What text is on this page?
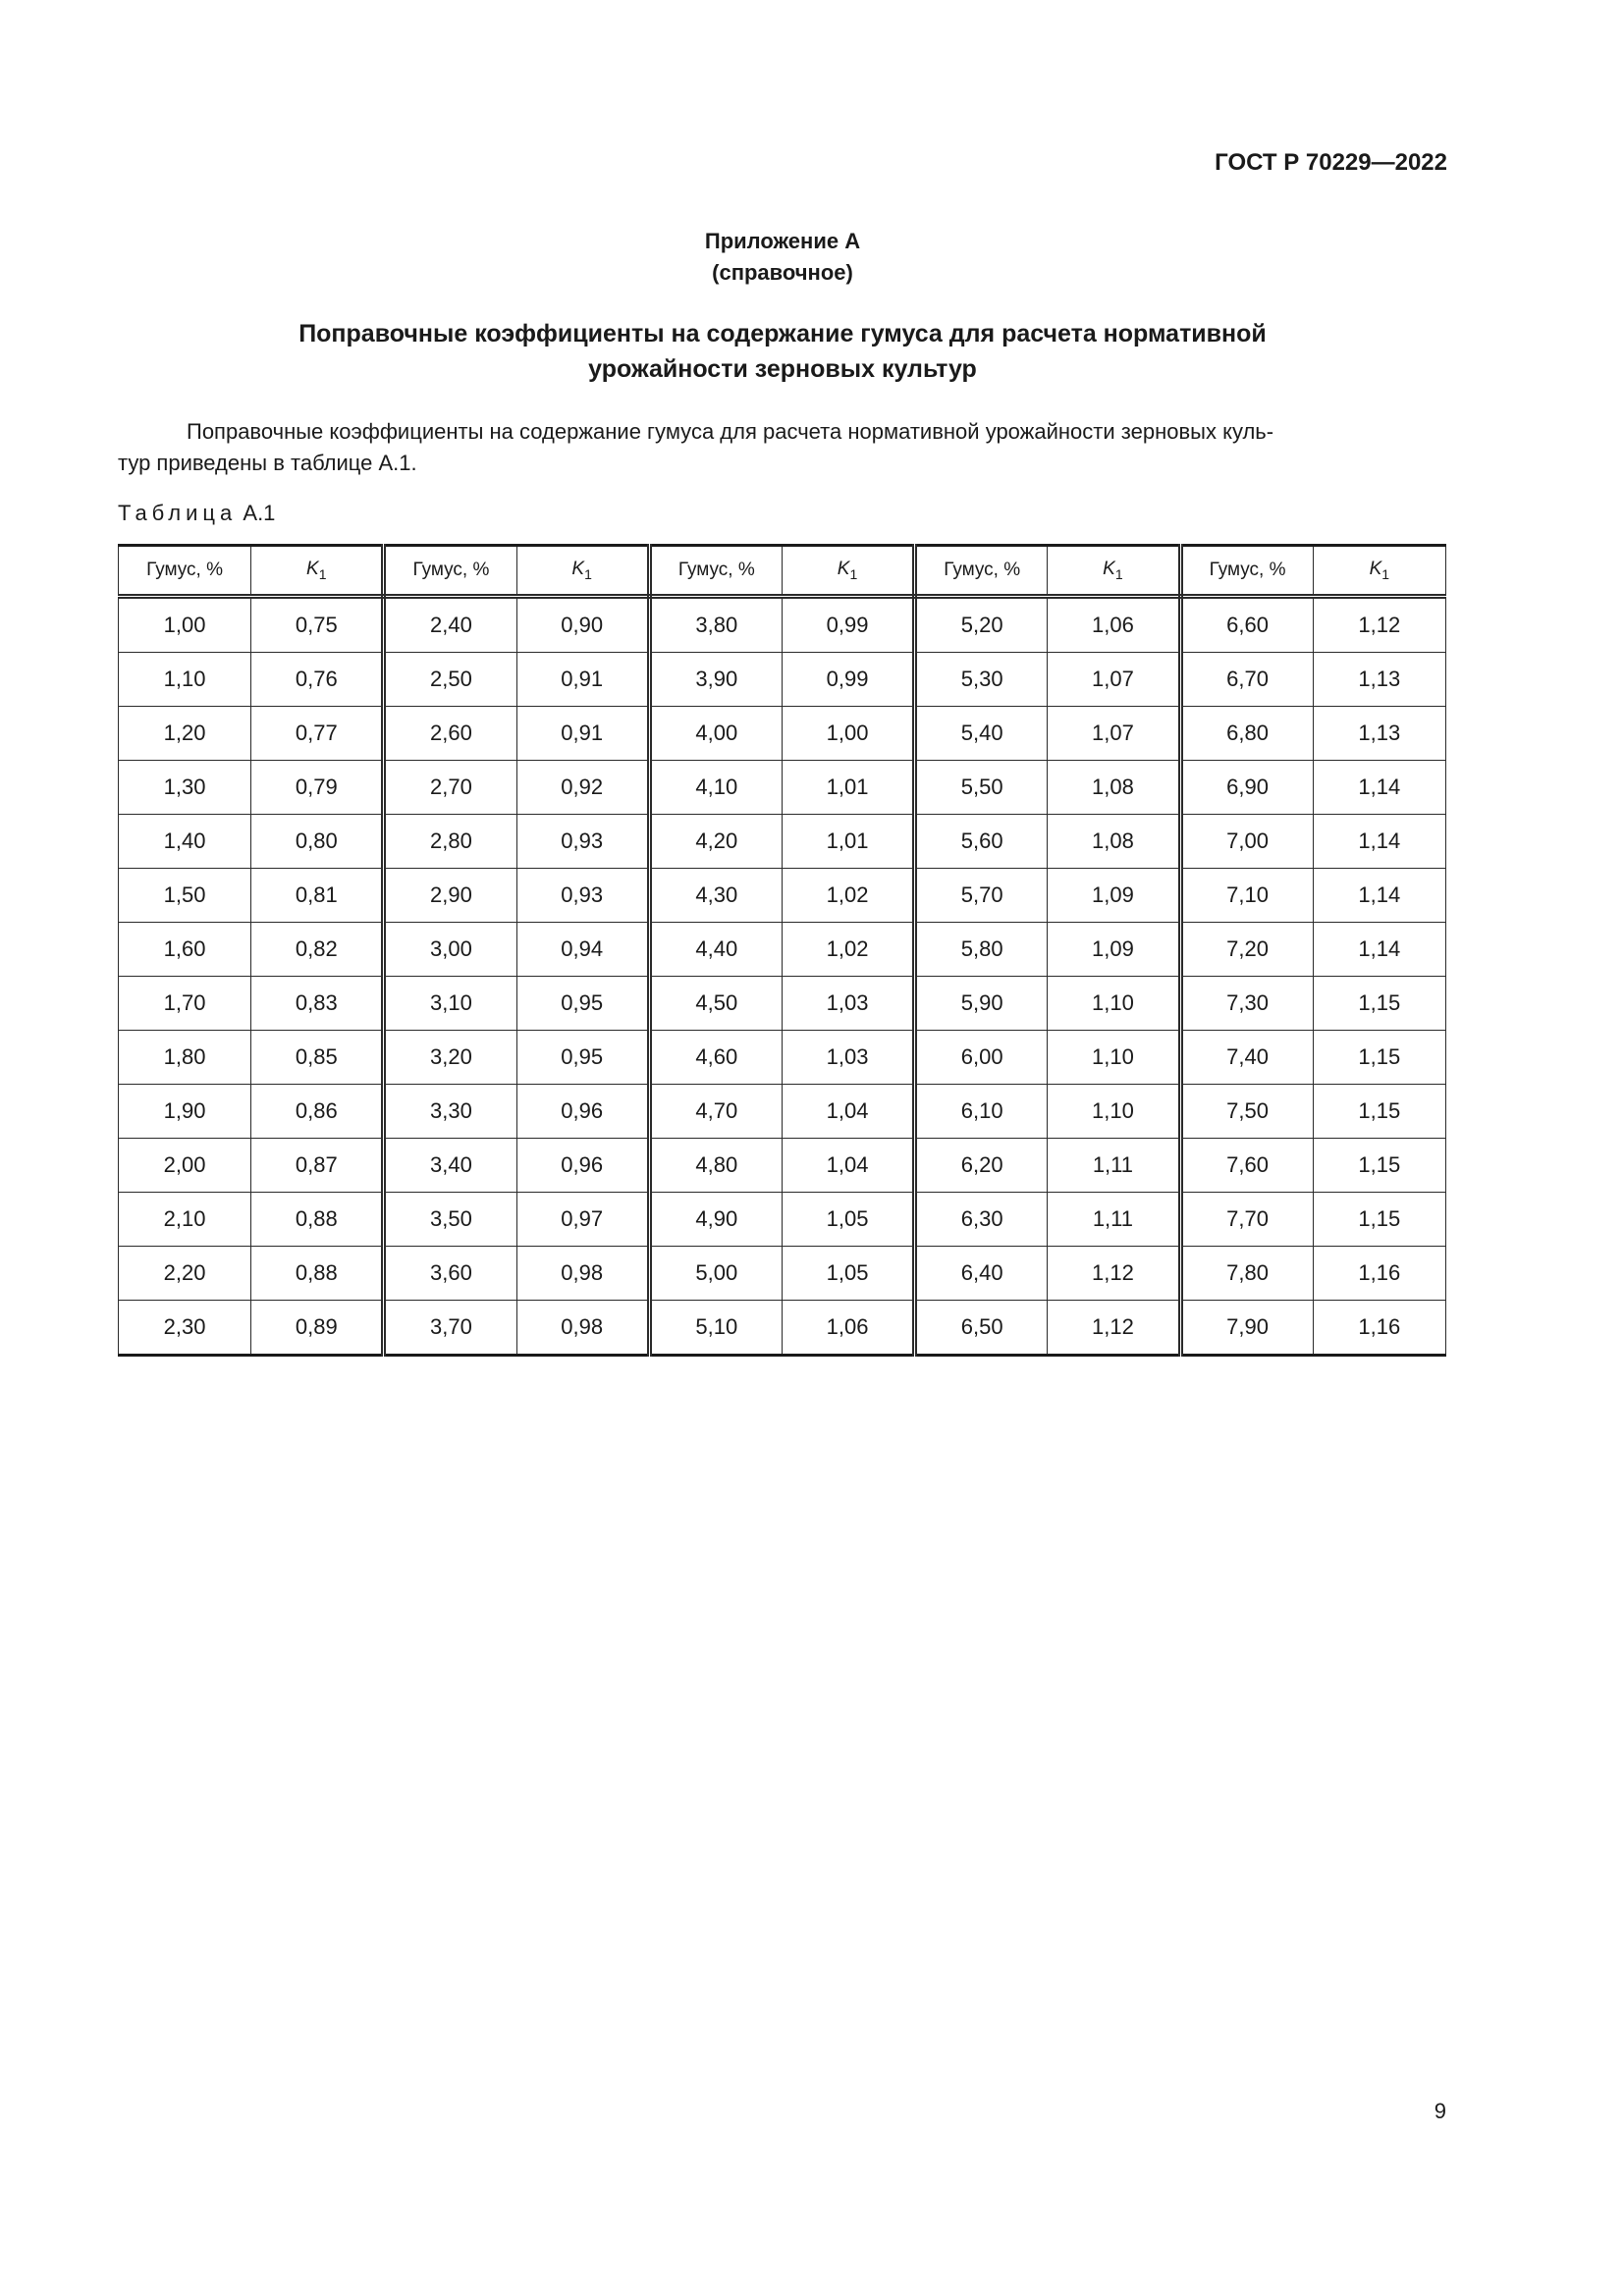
ГОСТ Р 70229—2022
Приложение А
(справочное)
Поправочные коэффициенты на содержание гумуса для расчета нормативной
урожайности зерновых культур
Поправочные коэффициенты на содержание гумуса для расчета нормативной урожайности зерновых куль-
тур приведены в таблице А.1.
Таблица А.1
Гумус, %	$K_1$	Гумус, %	$K_1$	Гумус, %	$K_1$	Гумус, %	$K_1$	Гумус, %	$K_1$
1,00	0,75	2,40	0,90	3,80	0,99	5,20	1,06	6,60	1,12
1,10	0,76	2,50	0,91	3,90	0,99	5,30	1,07	6,70	1,13
1,20	0,77	2,60	0,91	4,00	1,00	5,40	1,07	6,80	1,13
1,30	0,79	2,70	0,92	4,10	1,01	5,50	1,08	6,90	1,14
1,40	0,80	2,80	0,93	4,20	1,01	5,60	1,08	7,00	1,14
1,50	0,81	2,90	0,93	4,30	1,02	5,70	1,09	7,10	1,14
1,60	0,82	3,00	0,94	4,40	1,02	5,80	1,09	7,20	1,14
1,70	0,83	3,10	0,95	4,50	1,03	5,90	1,10	7,30	1,15
1,80	0,85	3,20	0,95	4,60	1,03	6,00	1,10	7,40	1,15
1,90	0,86	3,30	0,96	4,70	1,04	6,10	1,10	7,50	1,15
2,00	0,87	3,40	0,96	4,80	1,04	6,20	1,11	7,60	1,15
2,10	0,88	3,50	0,97	4,90	1,05	6,30	1,11	7,70	1,15
2,20	0,88	3,60	0,98	5,00	1,05	6,40	1,12	7,80	1,16
2,30	0,89	3,70	0,98	5,10	1,06	6,50	1,12	7,90	1,16
9
